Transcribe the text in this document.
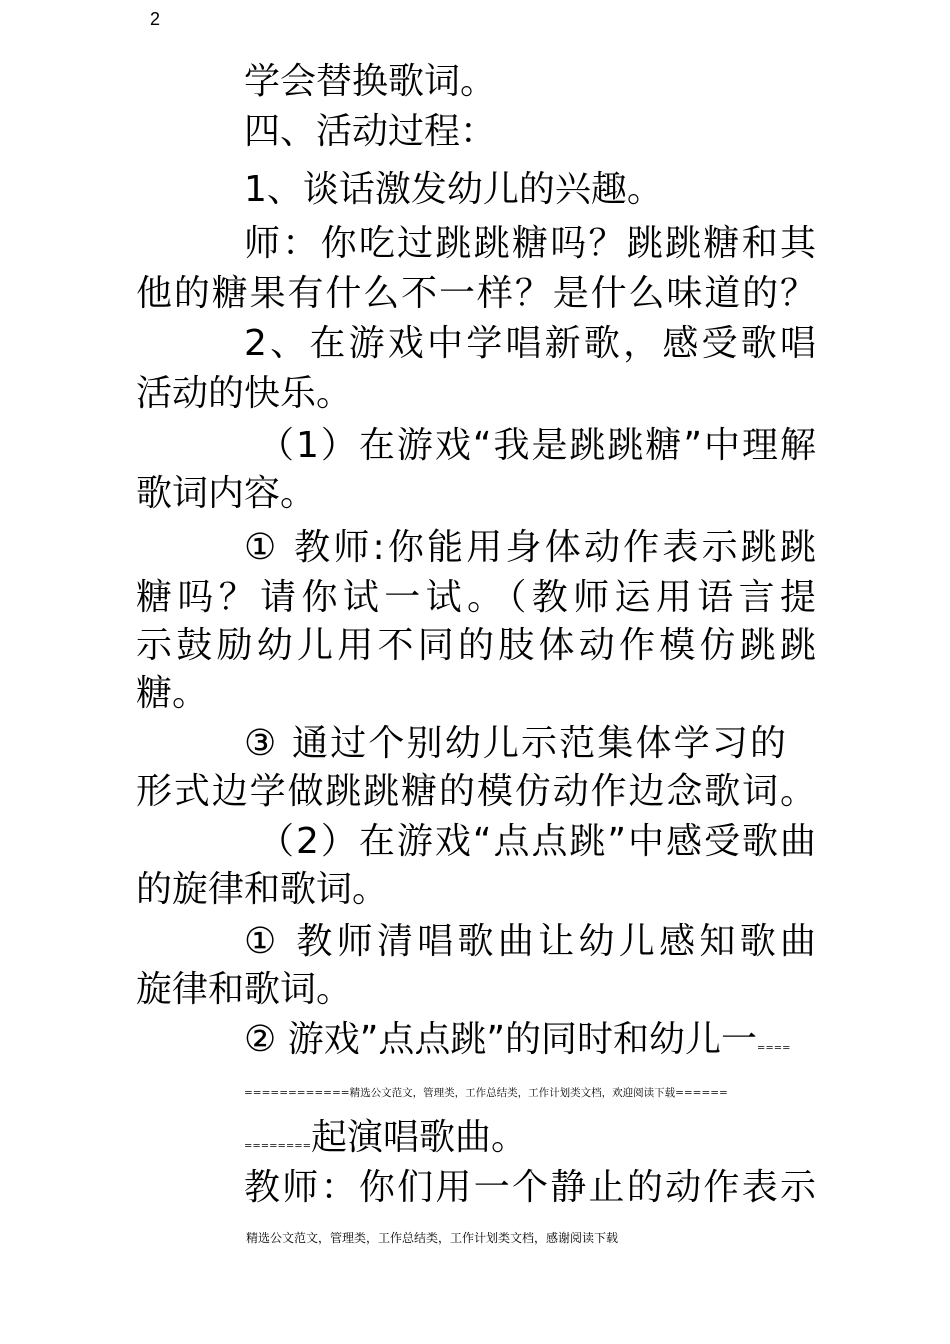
2

学会替换歌词。

四、活动过程：

1、谈话激发幼儿的兴趣。

师：你吃过跳跳糖吗？跳跳糖和其

他的糖果有什么不一样？是什么味道的？

2、在游戏中学唱新歌，感受歌唱

活动的快乐。

（1）在游戏“我是跳跳糖”中理解

歌词内容。

① 教师:你能用身体动作表示跳跳

糖吗？请你试一试。（教师运用语言提

示鼓励幼儿用不同的肢体动作模仿跳跳

糖。

③ 通过个别幼儿示范集体学习的

形式边学做跳跳糖的模仿动作边念歌词。

（2）在游戏“点点跳”中感受歌曲

的旋律和歌词。

① 教师清唱歌曲让幼儿感知歌曲

旋律和歌词。

② 游戏”点点跳”的同时和幼儿一====

============精选公文范文，管理类，工作总结类，工作计划类文档，欢迎阅读下载======

========起演唱歌曲。

教师：你们用一个静止的动作表示

精选公文范文，管理类，工作总结类，工作计划类文档，感谢阅读下载
